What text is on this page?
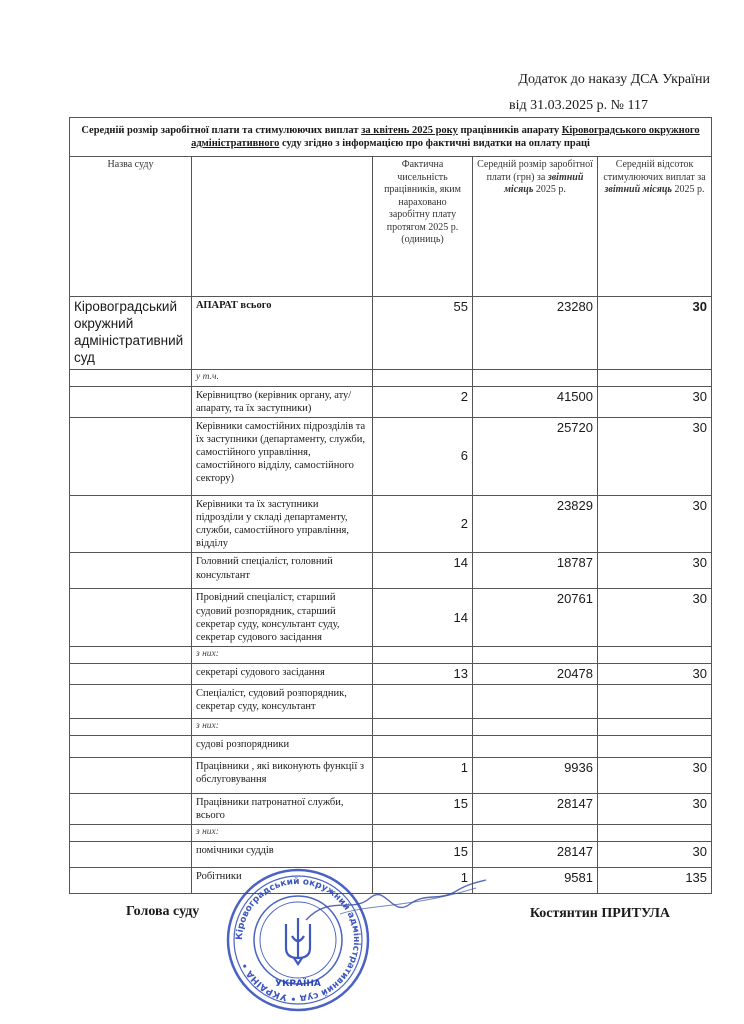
Додаток до наказу ДСА України
від 31.03.2025 р. № 117
Середній розмір заробітної плати та стимулюючих виплат за квітень 2025 року працівників апарату Кіровоградського окружного адміністративного суду згідно з інформацією про фактичні видатки на оплату праці				
Назва суду		Фактична чисельність працівників, яким нараховано заробітну плату протягом 2025 р. (одиниць)	Середній розмір заробітної плати (грн) за звітний місяць 2025 р.	Середній відсоток стимулюючих виплат за звітний місяць 2025 р.
Кіровоградський окружний адміністративний суд	АПАРАТ всього	55	23280	30
	у т.ч.			
	Керівництво (керівник органу, ату/апарату, та їх заступники)	2	41500	30
	Керівники самостійних підрозділів та їх заступники (департаменту, служби, самостійного управління, самостійного відділу, самостійного сектору)	6	25720	30
	Керівники та їх заступники підрозділи у складі департаменту, служби, самостійного управління, відділу	2	23829	30
	Головний спеціаліст, головний консультант	14	18787	30
	Провідний спеціаліст, старший судовий розпорядник, старший секретар суду, консультант суду, секретар судового засідання	14	20761	30
	з них:			
	секретарі судового засідання	13	20478	30
	Спеціаліст, судовий розпорядник, секретар суду, консультант			
	з них:			
	судові розпорядники			
	Працівники , які виконують функції з обслуговування	1	9936	30
	Працівники патронатної служби, всього	15	28147	30
	з них:			
	помічники суддів	15	28147	30
	Робітники	1	9581	135
Голова суду	Костянтин ПРИТУЛА
Кіровоградський окружний адміністративний суд • УКРАЇНА •
УКРАЇНА
